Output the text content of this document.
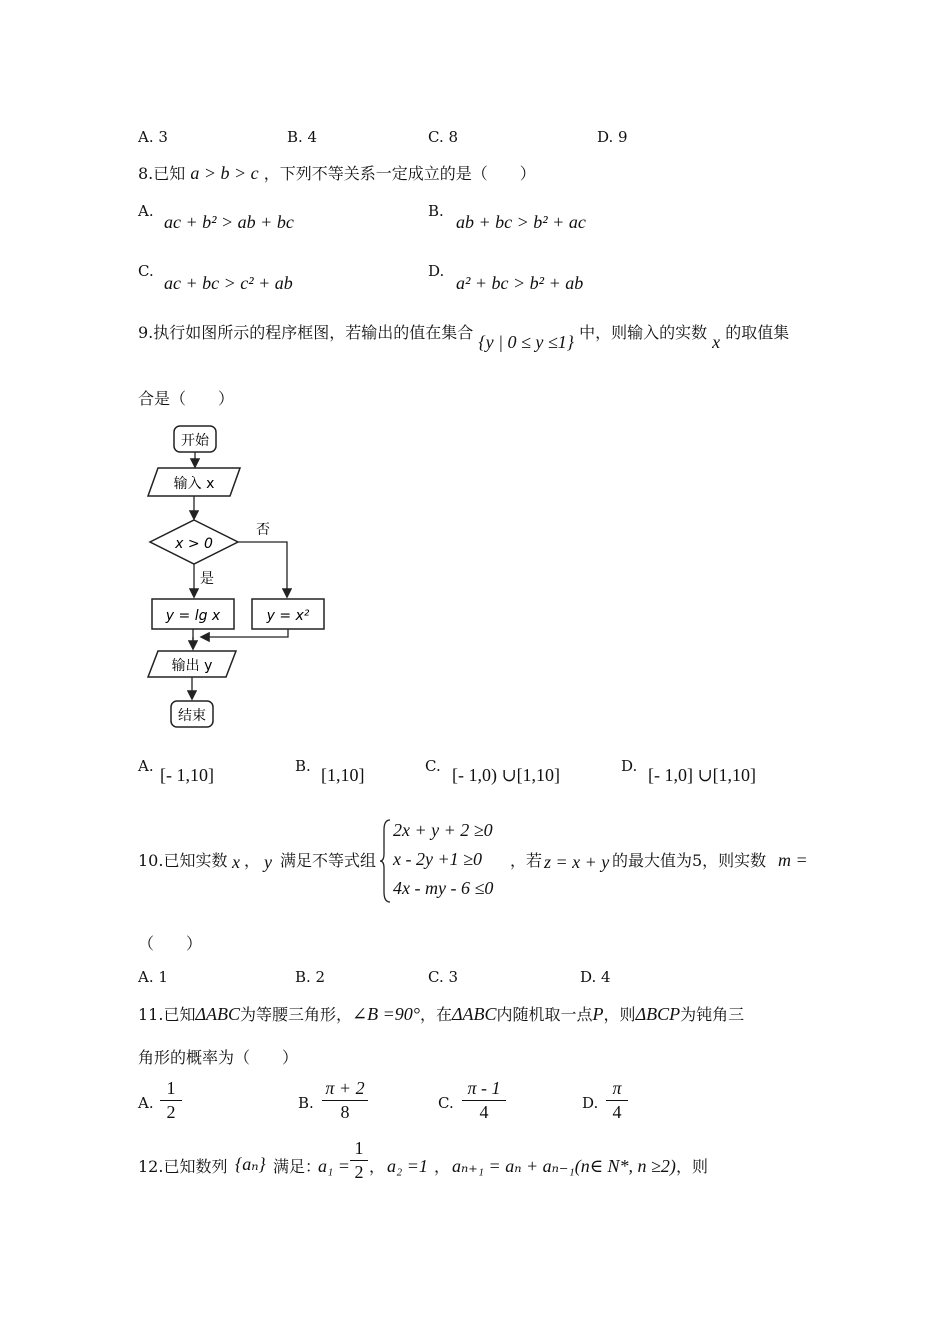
A. 3	B. 4	C. 8	D. 9
8.已知 a > b > c ，下列不等关系一定成立的是（　　）
A.
ac + b² > ab + bc
B.
ab + bc > b² + ac
C.
ac + bc > c² + ab
D.
a² + bc > b² + ab
9.执行如图所示的程序框图，若输出的值在集合 {y | 0 ≤ y ≤1} 中，则输入的实数 x 的取值集
合是（　　）
开始
输入 x
x > 0
否
是
y = lg x	y = x²
输出 y
结束
A. [- 1,10]	B. [1,10]	C. [- 1,0) ∪[1,10]	D. [- 1,0] ∪[1,10]
10.已知实数 x ， y 满足不等式组
2x + y + 2 ≥0
x - 2y +1 ≥0
4x - my - 6 ≤0
，若 z = x + y 的最大值为5，则实数 m =
（　　）
A. 1	B. 2	C. 3	D. 4
11.已知ΔABC为等腰三角形，∠B =90°，在ΔABC内随机取一点P，则ΔBCP为钝角三
角形的概率为（　　）
A. $\frac{1}{2}$	B. $\frac{\pi + 2}{8}$	C. $\frac{\pi - 1}{4}$	D. $\frac{\pi}{4}$
12.已知数列 {aₙ} 满足：
$a_1 = \frac{1}{2}$ ， a₂ =1 ， aₙ₊₁ = aₙ + aₙ₋₁(n∈ N*, n ≥2) ，则
